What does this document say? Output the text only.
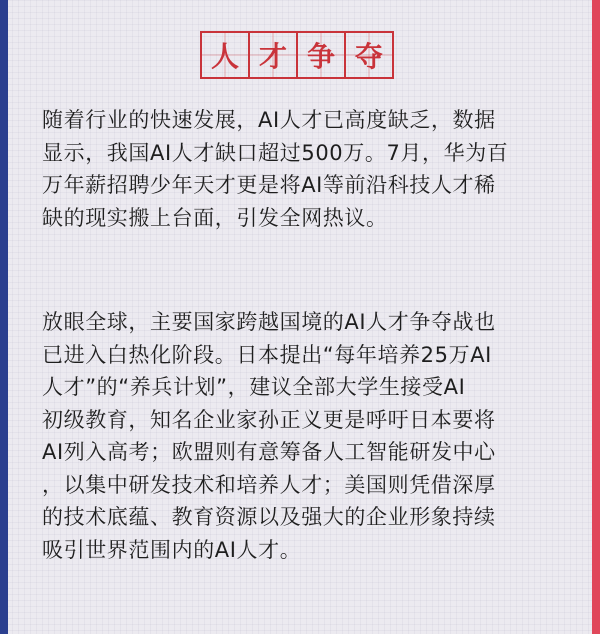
人 才 争 夺
随着行业的快速发展，AI人才已高度缺乏，数据
显示，我国AI人才缺口超过500万。7月，华为百
万年薪招聘少年天才更是将AI等前沿科技人才稀
缺的现实搬上台面，引发全网热议。
放眼全球，主要国家跨越国境的AI人才争夺战也
已进入白热化阶段。日本提出“每年培养25万AI
人才”的“养兵计划”，建议全部大学生接受AI
初级教育，知名企业家孙正义更是呼吁日本要将
AI列入高考；欧盟则有意筹备人工智能研发中心
，以集中研发技术和培养人才；美国则凭借深厚
的技术底蕴、教育资源以及强大的企业形象持续
吸引世界范围内的AI人才。
